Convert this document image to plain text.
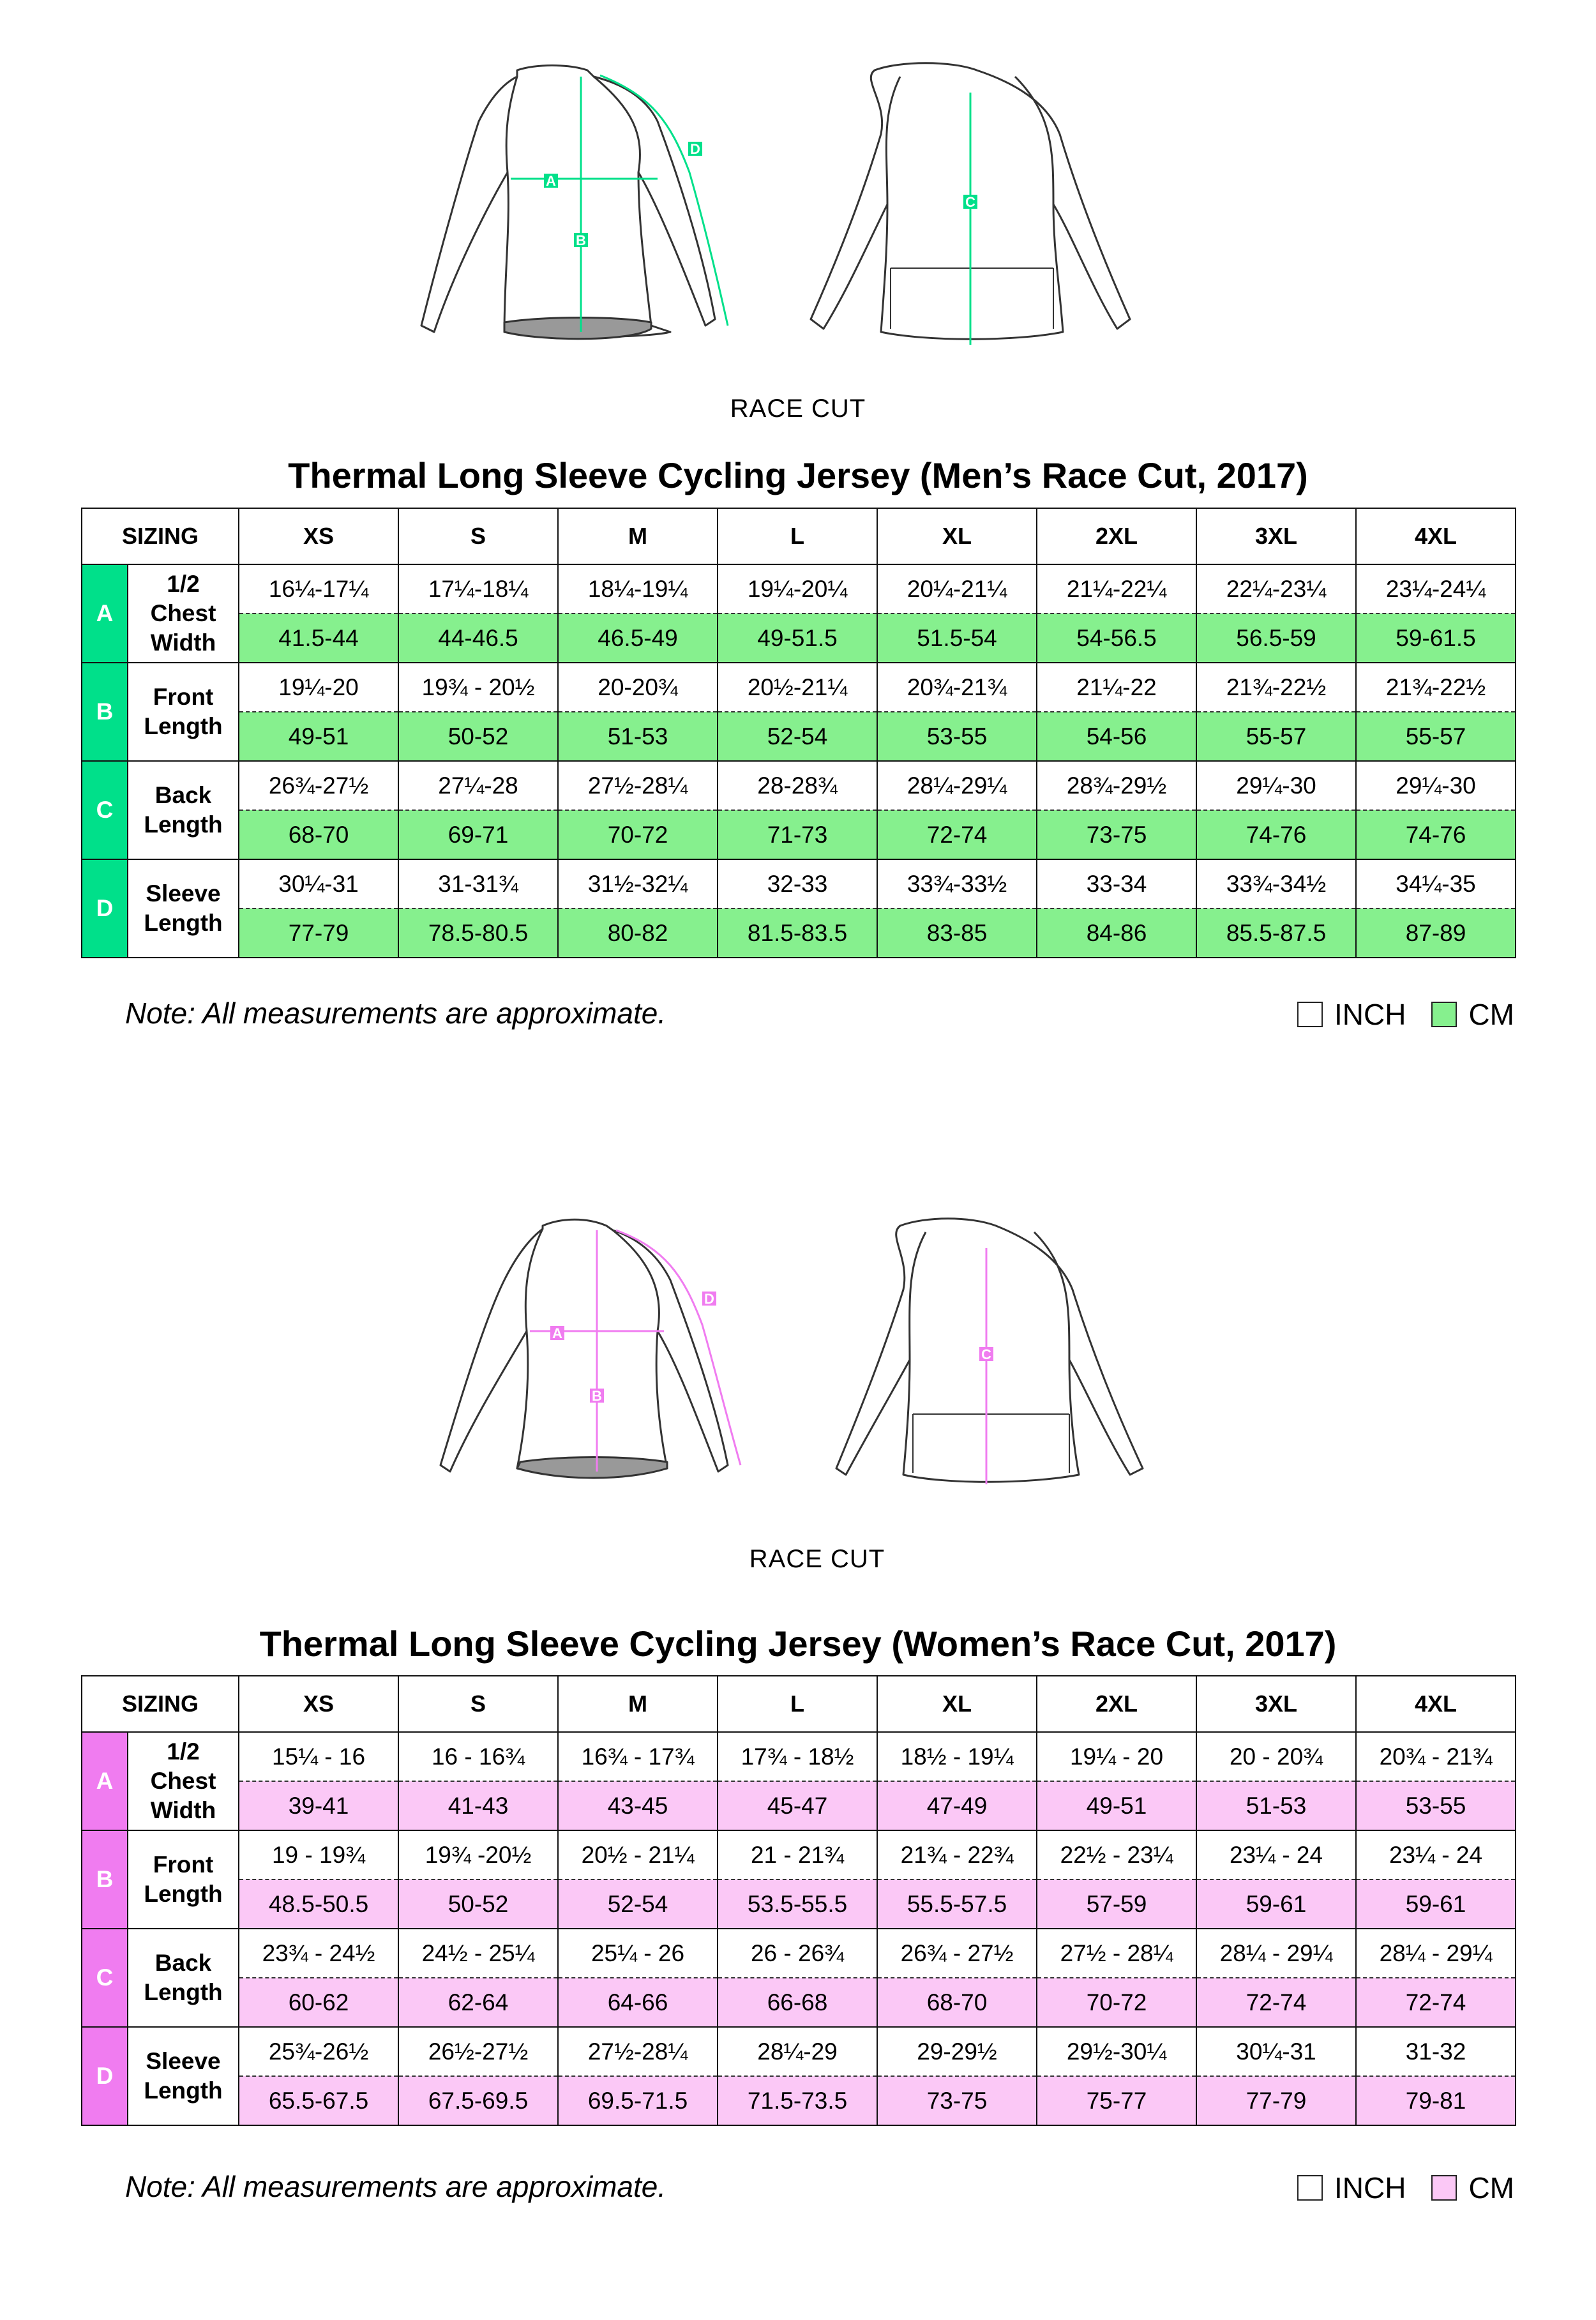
A
B
C
D
RACE CUT
Thermal Long Sleeve Cycling Jersey (Men’s Race Cut, 2017)
SIZING		XS	S	M	L	XL	2XL	3XL	4XL
A	1/2
Chest
Width	16¼-17¼	17¼-18¼	18¼-19¼	19¼-20¼	20¼-21¼	21¼-22¼	22¼-23¼	23¼-24¼
		41.5-44	44-46.5	46.5-49	49-51.5	51.5-54	54-56.5	56.5-59	59-61.5
B	Front
Length	19¼-20	19¾ - 20½	20-20¾	20½-21¼	20¾-21¾	21¼-22	21¾-22½	21¾-22½
		49-51	50-52	51-53	52-54	53-55	54-56	55-57	55-57
C	Back
Length	26¾-27½	27¼-28	27½-28¼	28-28¾	28¼-29¼	28¾-29½	29¼-30	29¼-30
		68-70	69-71	70-72	71-73	72-74	73-75	74-76	74-76
D	Sleeve
Length	30¼-31	31-31¾	31½-32¼	32-33	33¾-33½	33-34	33¾-34½	34¼-35
		77-79	78.5-80.5	80-82	81.5-83.5	83-85	84-86	85.5-87.5	87-89
Note: All measurements are approximate.	INCH CM
A
B
C
D
RACE CUT
Thermal Long Sleeve Cycling Jersey (Women’s Race Cut, 2017)
SIZING		XS	S	M	L	XL	2XL	3XL	4XL
A	1/2
Chest
Width	15¼ - 16	16 - 16¾	16¾ - 17¾	17¾ - 18½	18½ - 19¼	19¼ - 20	20 - 20¾	20¾ - 21¾
		39-41	41-43	43-45	45-47	47-49	49-51	51-53	53-55
B	Front
Length	19 - 19¾	19¾ -20½	20½ - 21¼	21 - 21¾	21¾ - 22¾	22½ - 23¼	23¼ - 24	23¼ - 24
		48.5-50.5	50-52	52-54	53.5-55.5	55.5-57.5	57-59	59-61	59-61
C	Back
Length	23¾ - 24½	24½ - 25¼	25¼ - 26	26 - 26¾	26¾ - 27½	27½ - 28¼	28¼ - 29¼	28¼ - 29¼
		60-62	62-64	64-66	66-68	68-70	70-72	72-74	72-74
D	Sleeve
Length	25¾-26½	26½-27½	27½-28¼	28¼-29	29-29½	29½-30¼	30¼-31	31-32
		65.5-67.5	67.5-69.5	69.5-71.5	71.5-73.5	73-75	75-77	77-79	79-81
Note: All measurements are approximate.	INCH CM
